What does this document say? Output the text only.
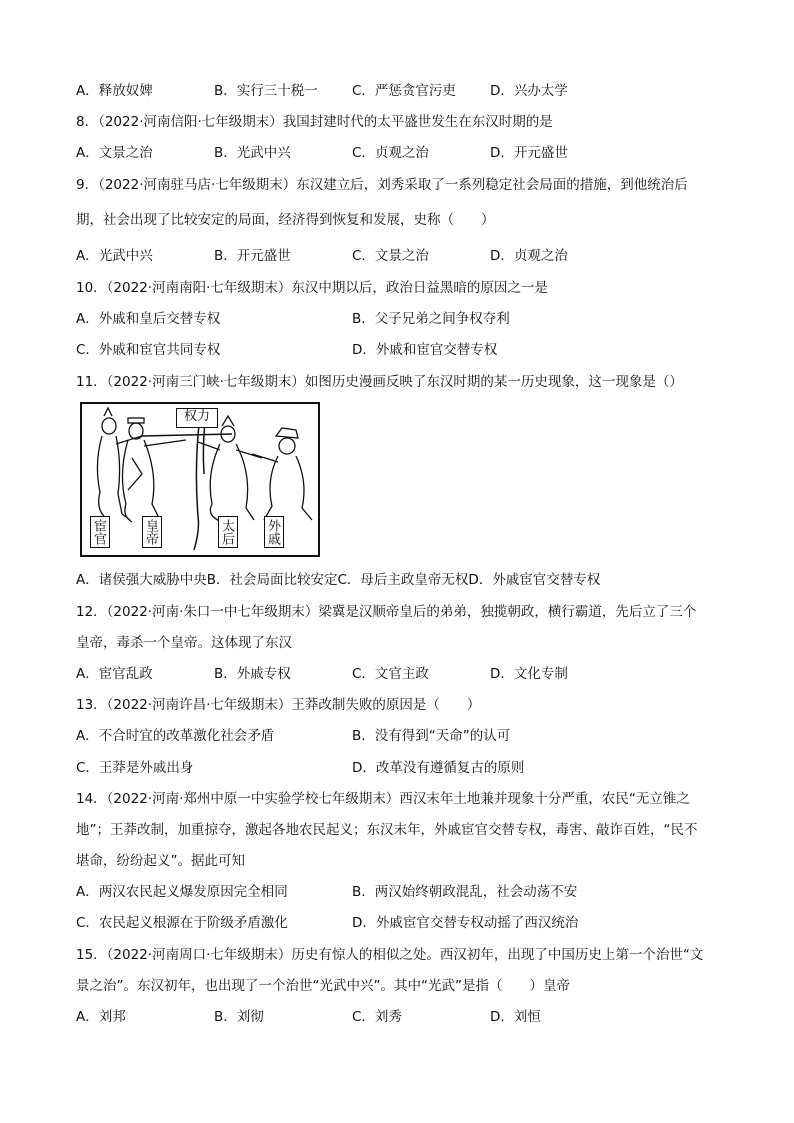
A．释放奴婢	B．实行三十税一	C．严惩贪官污吏	D．兴办太学
8．（2022·河南信阳·七年级期末）我国封建时代的太平盛世发生在东汉时期的是
A．文景之治	B．光武中兴	C．贞观之治	D．开元盛世
9．（2022·河南驻马店·七年级期末）东汉建立后，刘秀采取了一系列稳定社会局面的措施，到他统治后
期，社会出现了比较安定的局面，经济得到恢复和发展，史称（　　）
A．光武中兴	B．开元盛世	C．文景之治	D．贞观之治
10．（2022·河南南阳·七年级期末）东汉中期以后，政治日益黑暗的原因之一是
A．外戚和皇后交替专权	B．父子兄弟之间争权夺利
C．外戚和宦官共同专权	D．外戚和宦官交替专权
11．（2022·河南三门峡·七年级期末）如图历史漫画反映了东汉时期的某一历史现象，这一现象是（）
权力
宦官	皇帝	太后 外戚
A．诸侯强大威胁中央B．社会局面比较安定C．母后主政皇帝无权D．外戚宦官交替专权
12．（2022·河南·朱口一中七年级期末）梁冀是汉顺帝皇后的弟弟，独揽朝政，横行霸道，先后立了三个
皇帝，毒杀一个皇帝。这体现了东汉
A．宦官乱政	B．外戚专权	C．文官主政	D．文化专制
13．（2022·河南许昌·七年级期末）王莽改制失败的原因是（　　）
A．不合时宜的改革激化社会矛盾	B．没有得到“天命”的认可
C．王莽是外戚出身	D．改革没有遵循复古的原则
14．（2022·河南·郑州中原一中实验学校七年级期末）西汉末年土地兼并现象十分严重，农民“无立锥之
地”；王莽改制，加重掠夺，激起各地农民起义；东汉末年，外戚宦官交替专权，毒害、敲诈百姓，“民不
堪命，纷纷起义”。据此可知
A．两汉农民起义爆发原因完全相同	B．两汉始终朝政混乱，社会动荡不安
C．农民起义根源在于阶级矛盾激化	D．外戚宦官交替专权动摇了西汉统治
15．（2022·河南周口·七年级期末）历史有惊人的相似之处。西汉初年，出现了中国历史上第一个治世“文
景之治”。东汉初年，也出现了一个治世“光武中兴”。其中“光武”是指（　　）皇帝
A．刘邦	B．刘彻	C．刘秀	D．刘恒
